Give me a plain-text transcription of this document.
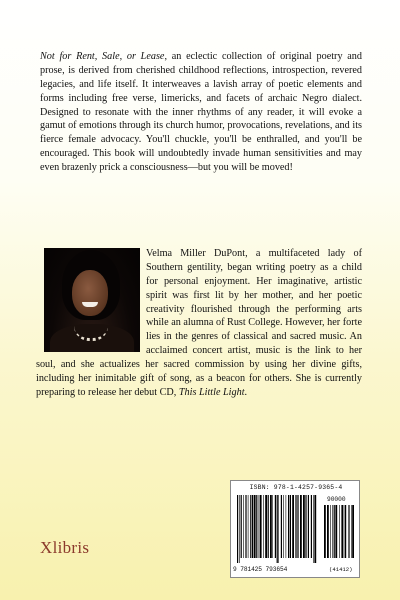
Not for Rent, Sale, or Lease, an eclectic collection of original poetry and prose, is derived from cherished childhood reflections, introspection, revered legacies, and life itself. It interweaves a lavish array of poetic elements and forms including free verse, limericks, and facets of archaic Negro dialect. Designed to resonate with the inner rhythms of any reader, it will evoke a gamut of emotions through its church humor, provocations, revelations, and its fierce female advocacy. You'll chuckle, you'll be enthralled, and you'll be encouraged. This book will undoubtedly invade human sensitivities and may even brazenly prick a consciousness—but you will be moved!

Velma Miller DuPont, a multifaceted lady of Southern gentility, began writing poetry as a child for personal enjoyment. Her imaginative, artistic spirit was first lit by her mother, and her poetic creativity flourished through the performing arts while an alumna of Rust College. However, her forte lies in the genres of classical and sacred music. An acclaimed concert artist, music is the link to her soul, and she actualizes her sacred commission by using her divine gifts, including her inimitable gift of song, as a beacon for others. She is currently preparing to release her debut CD, This Little Light.

Xlibris
ISBN: 978-1-4257-9365-4
90000
9 781425 793654	(41412)
